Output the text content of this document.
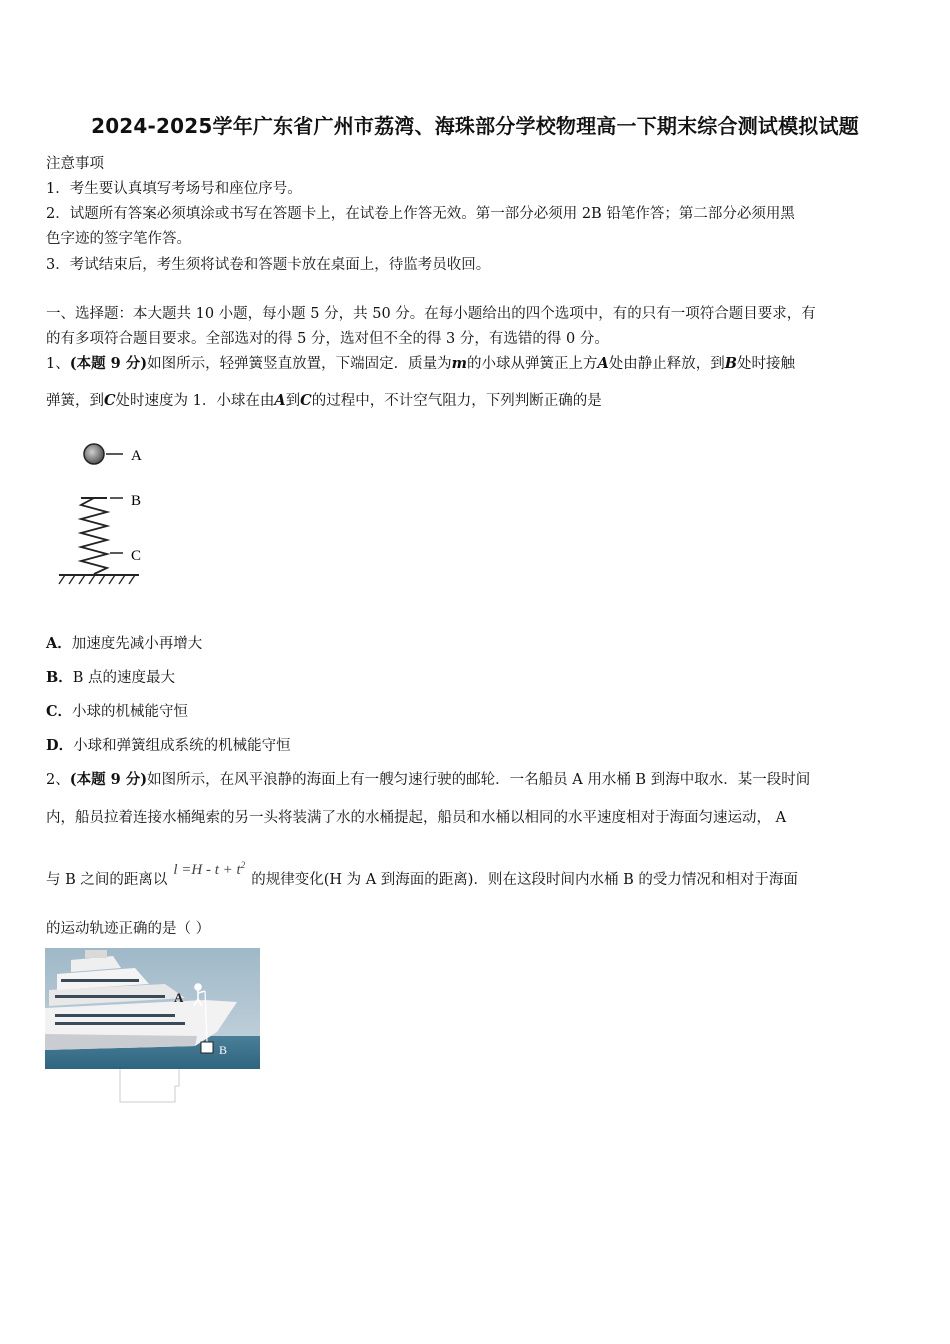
2024-2025学年广东省广州市荔湾、海珠部分学校物理高一下期末综合测试模拟试题
注意事项
1．考生要认真填写考场号和座位序号。
2．试题所有答案必须填涂或书写在答题卡上，在试卷上作答无效。第一部分必须用 2B 铅笔作答；第二部分必须用黑
色字迹的签字笔作答。
3．考试结束后，考生须将试卷和答题卡放在桌面上，待监考员收回。
一、选择题：本大题共 10 小题，每小题 5 分，共 50 分。在每小题给出的四个选项中，有的只有一项符合题目要求，有
的有多项符合题目要求。全部选对的得 5 分，选对但不全的得 3 分，有选错的得 0 分。
1、(本题 9 分)如图所示，轻弹簧竖直放置，下端固定．质量为m的小球从弹簧正上方A处由静止释放，到B处时接触
弹簧，到C处时速度为 1．小球在由A到C的过程中，不计空气阻力，下列判断正确的是
A
B
C
A．加速度先减小再增大
B．B 点的速度最大
C．小球的机械能守恒
D．小球和弹簧组成系统的机械能守恒
2、(本题 9 分)如图所示，在风平浪静的海面上有一艘匀速行驶的邮轮．一名船员 A 用水桶 B 到海中取水．某一段时间
内，船员拉着连接水桶绳索的另一头将装满了水的水桶提起，船员和水桶以相同的水平速度相对于海面匀速运动， A
与 B 之间的距离以$l =H - t + t^2$的规律变化(H 为 A 到海面的距离)．则在这段时间内水桶 B 的受力情况和相对于海面
的运动轨迹正确的是（ ）
A
B
